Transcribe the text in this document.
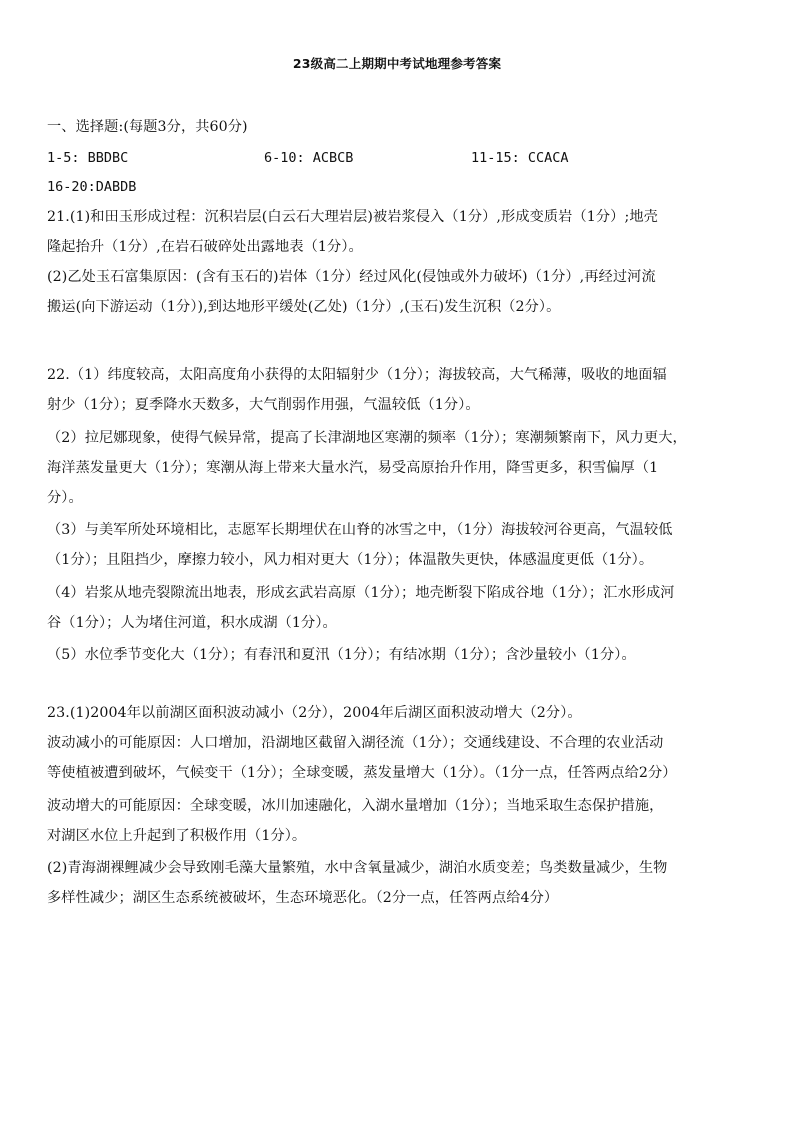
23级高二上期期中考试地理参考答案
一、选择题:(每题3分，共60分)
1-5: BBDBC	6-10: ACBCB	11-15: CCACA
16-20:DABDB
21.(1)和田玉形成过程：沉积岩层(白云石大理岩层)被岩浆侵入（1分）,形成变质岩（1分）;地壳
隆起抬升（1分）,在岩石破碎处出露地表（1分）。
(2)乙处玉石富集原因：(含有玉石的)岩体（1分）经过风化(侵蚀或外力破坏)（1分）,再经过河流
搬运(向下游运动（1分）),到达地形平缓处(乙处)（1分）,(玉石)发生沉积（2分）。
22.（1）纬度较高，太阳高度角小获得的太阳辐射少（1分）；海拔较高，大气稀薄，吸收的地面辐
射少（1分）；夏季降水天数多，大气削弱作用强，气温较低（1分）。
（2）拉尼娜现象，使得气候异常，提高了长津湖地区寒潮的频率（1分）；寒潮频繁南下，风力更大，
海洋蒸发量更大（1分）；寒潮从海上带来大量水汽，易受高原抬升作用，降雪更多，积雪偏厚（1
分）。
（3）与美军所处环境相比，志愿军长期埋伏在山脊的冰雪之中，（1分）海拔较河谷更高，气温较低
（1分）；且阻挡少，摩擦力较小，风力相对更大（1分）；体温散失更快，体感温度更低（1分）。
（4）岩浆从地壳裂隙流出地表，形成玄武岩高原（1分）；地壳断裂下陷成谷地（1分）；汇水形成河
谷（1分）；人为堵住河道，积水成湖（1分）。
（5）水位季节变化大（1分）；有春汛和夏汛（1分）；有结冰期（1分）；含沙量较小（1分）。
23.(1)2004年以前湖区面积波动减小（2分），2004年后湖区面积波动增大（2分）。
波动减小的可能原因：人口增加，沿湖地区截留入湖径流（1分）；交通线建设、不合理的农业活动
等使植被遭到破坏，气候变干（1分）；全球变暖，蒸发量增大（1分）。（1分一点，任答两点给2分）
波动增大的可能原因：全球变暖，冰川加速融化，入湖水量增加（1分）；当地采取生态保护措施，
对湖区水位上升起到了积极作用（1分）。
(2)青海湖裸鲤减少会导致刚毛藻大量繁殖，水中含氧量减少，湖泊水质变差；鸟类数量减少，生物
多样性减少；湖区生态系统被破坏，生态环境恶化。（2分一点，任答两点给4分）
